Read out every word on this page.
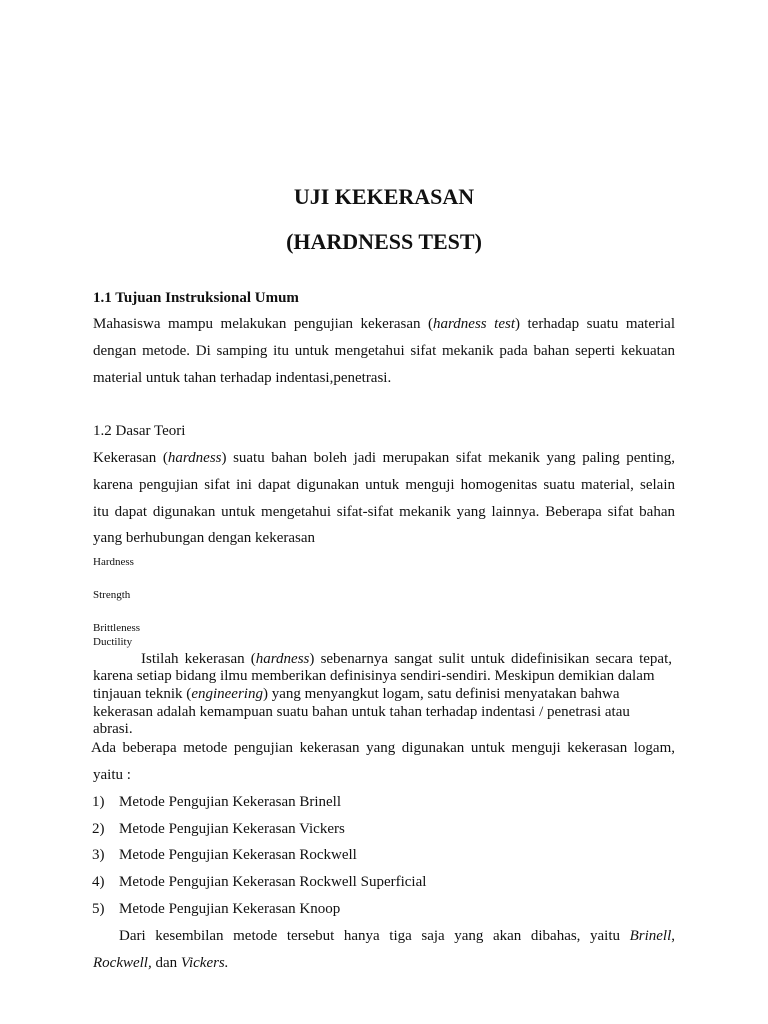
UJI KEKERASAN
(HARDNESS TEST)
1.1 Tujuan Instruksional Umum
Mahasiswa mampu melakukan pengujian kekerasan (hardness test) terhadap suatu material
dengan metode. Di samping itu untuk mengetahui sifat mekanik pada bahan seperti kekuatan
material untuk tahan terhadap indentasi,penetrasi.
1.2 Dasar Teori
Kekerasan (hardness) suatu bahan boleh jadi merupakan sifat mekanik yang paling penting,
karena pengujian sifat ini dapat digunakan untuk menguji homogenitas suatu material, selain
itu dapat digunakan untuk mengetahui sifat-sifat mekanik yang lainnya. Beberapa sifat bahan
yang berhubungan dengan kekerasan
Hardness
Strength
Brittleness
Ductility
Istilah kekerasan (hardness) sebenarnya sangat sulit untuk didefinisikan secara tepat,
karena setiap bidang ilmu memberikan definisinya sendiri-sendiri. Meskipun demikian dalam
tinjauan teknik (engineering) yang menyangkut logam, satu definisi menyatakan bahwa
kekerasan adalah kemampuan suatu bahan untuk tahan terhadap indentasi / penetrasi atau
abrasi.
Ada beberapa metode pengujian kekerasan yang digunakan untuk menguji kekerasan logam,
yaitu :
1) Metode Pengujian Kekerasan Brinell
2) Metode Pengujian Kekerasan Vickers
3) Metode Pengujian Kekerasan Rockwell
4) Metode Pengujian Kekerasan Rockwell Superficial
5) Metode Pengujian Kekerasan Knoop
Dari kesembilan metode tersebut hanya tiga saja yang akan dibahas, yaitu Brinell,
Rockwell, dan Vickers.
